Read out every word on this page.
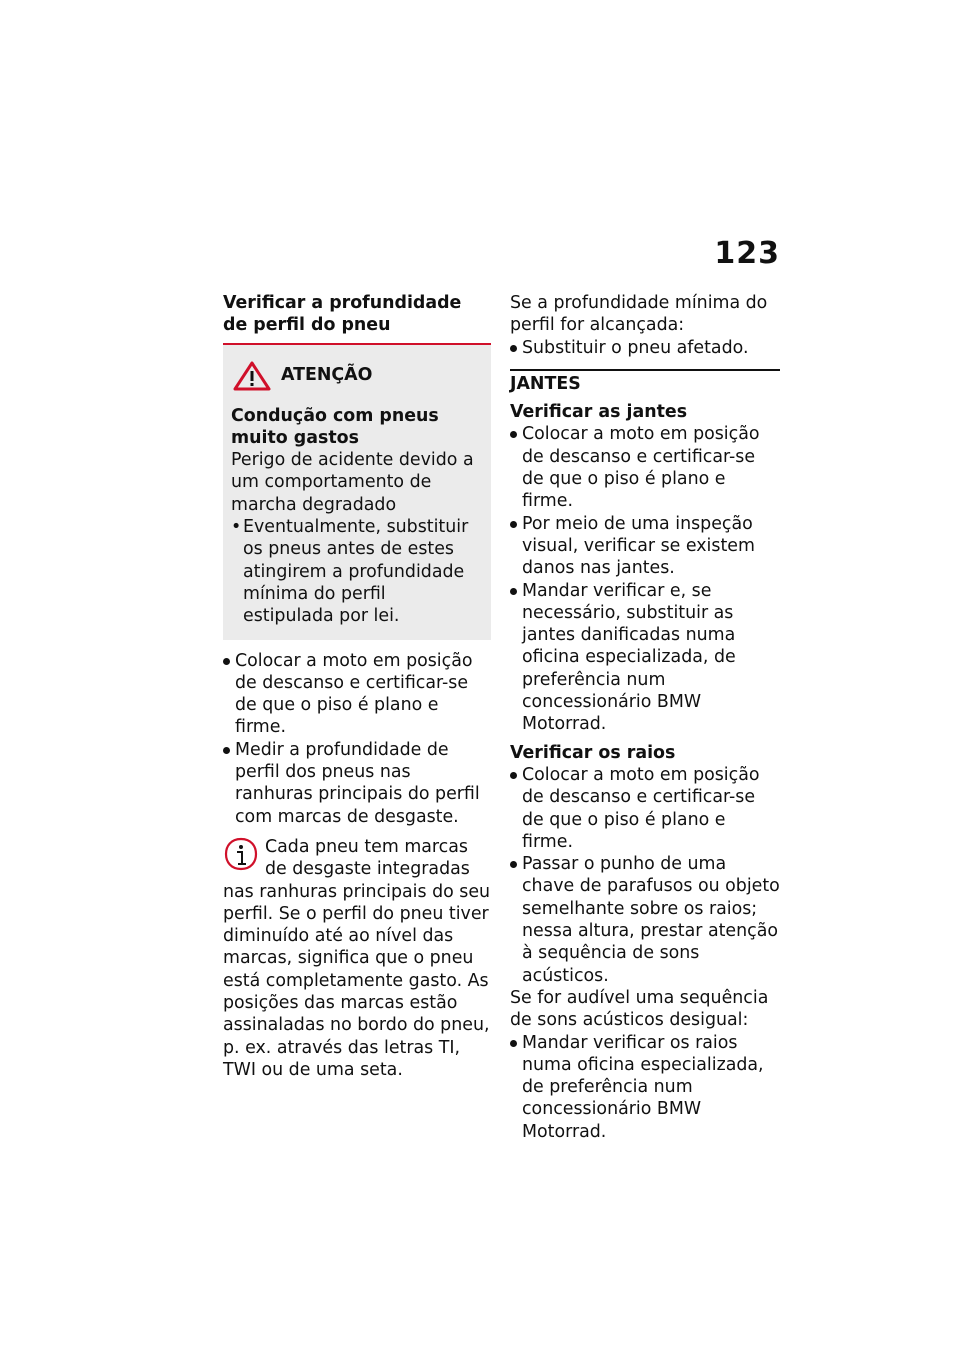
123

Verificar a profundidade de perfil do pneu

ATENÇÃO

Condução com pneus muito gastos

Perigo de acidente devido a um comportamento de marcha degradado

• Eventualmente, substituir os pneus antes de estes atingirem a profundidade mínima do perfil estipulada por lei.

Colocar a moto em posição de descanso e certificar-se de que o piso é plano e firme.
Medir a profundidade de perfil dos pneus nas ranhuras principais do perfil com marcas de desgaste.
Cada pneu tem marcas de desgaste integradas nas ranhuras principais do seu perfil. Se o perfil do pneu tiver diminuído até ao nível das marcas, significa que o pneu está completamente gasto. As posições das marcas estão assinaladas no bordo do pneu, p. ex. através das letras TI, TWI ou de uma seta.

Se a profundidade mínima do perfil for alcançada:

Substituir o pneu afetado.

JANTES

Verificar as jantes

Colocar a moto em posição de descanso e certificar-se de que o piso é plano e firme.
Por meio de uma inspeção visual, verificar se existem danos nas jantes.
Mandar verificar e, se necessário, substituir as jantes danificadas numa oficina especializada, de preferência num concessionário BMW Motorrad.

Verificar os raios

Colocar a moto em posição de descanso e certificar-se de que o piso é plano e firme.
Passar o punho de uma chave de parafusos ou objeto semelhante sobre os raios; nessa altura, prestar atenção à sequência de sons acústicos.

Se for audível uma sequência de sons acústicos desigual:

Mandar verificar os raios numa oficina especializada, de preferência num concessionário BMW Motorrad.
